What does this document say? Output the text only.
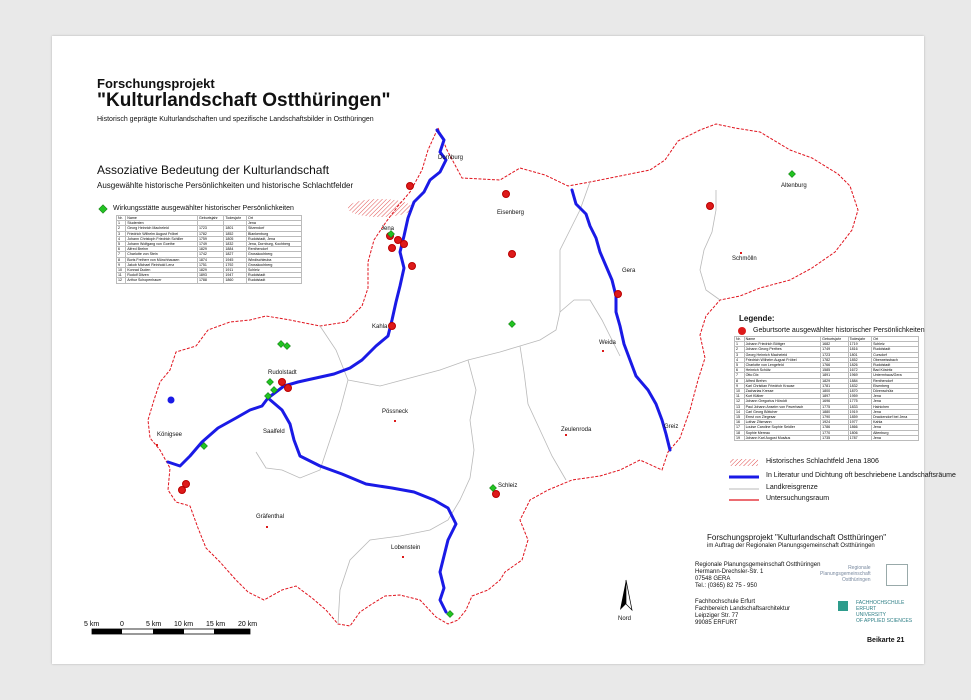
Forschungsprojekt
"Kulturlandschaft Ostthüringen"
Historisch geprägte Kulturlandschaften und spezifische Landschaftsbilder in Ostthüringen
Assoziative Bedeutung der Kulturlandschaft
Ausgewählte historische Persönlichkeiten und historische Schlachtfelder
Wirkungsstätte ausgewählter historischer Persönlichkeiten
Nr.	Name	Geburtsjahr	Todesjahr	Ort
1	Studenten			Jena
2	Georg Heinrich Macheleid	1723	1801	Sitzendorf
3	Friedrich Wilhelm August Fröbel	1782	1852	Blankenburg
4	Johann Christoph Friedrich Schiller	1759	1805	Rudolstadt, Jena
5	Johann Wolfgang von Goethe	1749	1832	Jena, Dornburg, Kochberg
6	Alfred Brehm	1829	1884	Renthendorf
7	Charlotte von Stein	1742	1827	Grosskochberg
8	Boris Freiherr von Münchhausen	1874	1945	Windischleuba
9	Jakob Michael Reinhold Lenz	1751	1792	Grosskochberg
10	Konrad Duden	1829	1911	Schleiz
11	Rudolf Ditzen	1893	1947	Rudolstadt
12	Arthur Schopenhauer	1788	1860	Rudolstadt
Legende:
Geburtsorte ausgewählter historischer Persönlichkeiten
Nr.	Name	Geburtsjahr	Todesjahr	Ort
1	Johann Friedrich Böttger	1682	1719	Schleiz
2	Johann Georg Perthes	1749	1816	Rudolstadt
3	Georg Heinrich Macheleid	1723	1801	Cursdorf
4	Friedrich Wilhelm August Fröbel	1782	1852	Oberweissbach
5	Charlotte von Lengefeld	1766	1826	Rudolstadt
6	Heinrich Schütz	1585	1672	Bad Köstritz
7	Otto Dix	1891	1969	Untermhaus/Gera
8	Alfred Brehm	1829	1884	Renthendorf
9	Karl Christian Friedrich Krause	1781	1832	Eisenberg
10	Zacharias Kresse	1800	1870	Dörenschütz
11	Kurt Kläber	1897	1959	Jena
12	Johann Gregorius Höroldt	1696	1775	Jena
13	Paul Johann Anselm von Feuerbach	1775	1833	Hainichen
14	Carl Georg Böttcher	1880	1919	Jena
15	Ernst von Ziegesar	1790	1859	Drackendorf bei Jena
16	Lothar Zitzmann	1924	1977	Kahla
17	Louise Caroline Sophie Seidler	1786	1866	Jena
18	Sophie Mereau	1770	1806	Altenburg
19	Johann Karl August Musäus	1735	1787	Jena
Historisches Schlachtfeld Jena 1806
In Literatur und Dichtung oft beschriebene Landschaftsräume
Landkreisgrenze
Untersuchungsraum
Dornburg
Jena
Eisenberg
Altenburg
Schmölln
Gera
Kahla
Weida
Rudolstadt
Pössneck
Königsee	Saalfeld	Zeulenroda	Greiz
Schleiz
Gräfenthal
Lobenstein
5 km	0	5 km 10 km 15 km 20 km
Nord
Forschungsprojekt "Kulturlandschaft Ostthüringen"
im Auftrag der Regionalen Planungsgemeinschaft Ostthüringen
Regionale Planungsgemeinschaft Ostthüringen
Hermann-Drechsler-Str. 1
07548 GERA
Tel.: (0365) 82 75 - 950
Fachhochschule Erfurt
Fachbereich Landschaftsarchitektur
Leipziger Str. 77
99085 ERFURT
Regionale
Planungsgemeinschaft
Ostthüringen
FACHHOCHSCHULE
ERFURT
UNIVERSITY
OF APPLIED SCIENCES
Beikarte 21
